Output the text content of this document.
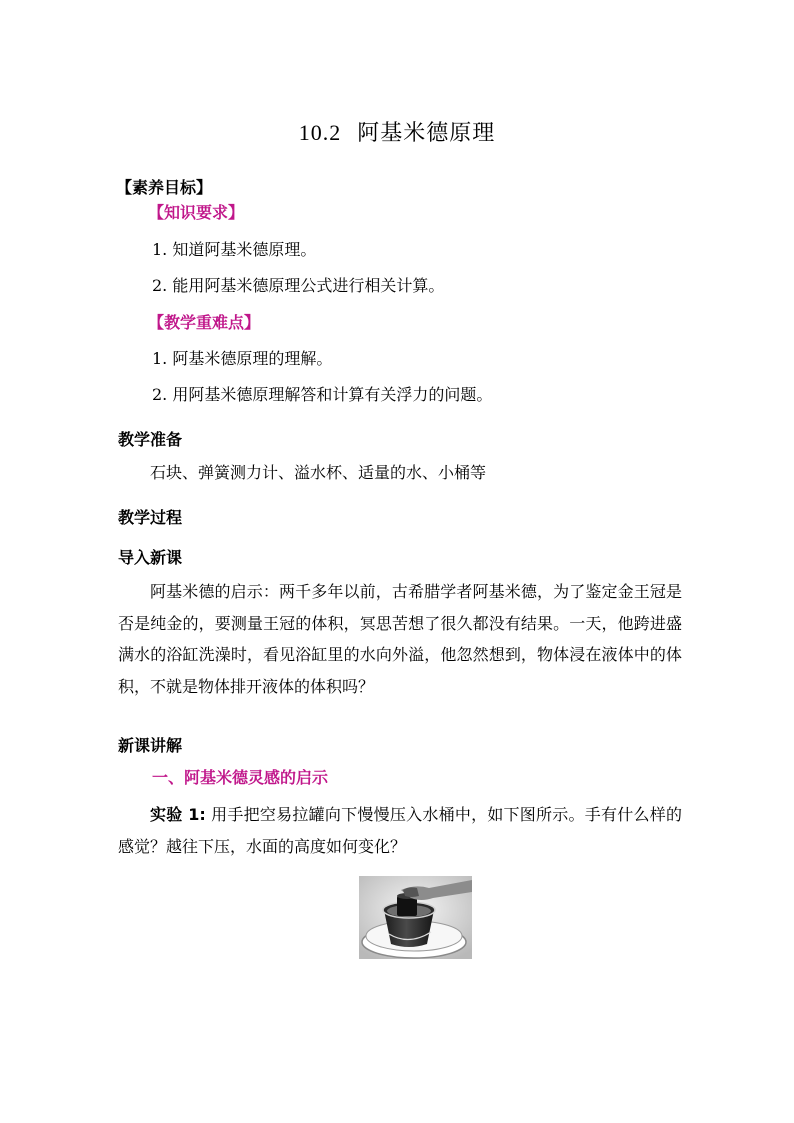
10.2 阿基米德原理
【素养目标】
【知识要求】
1. 知道阿基米德原理。
2. 能用阿基米德原理公式进行相关计算。
【教学重难点】
1. 阿基米德原理的理解。
2. 用阿基米德原理解答和计算有关浮力的问题。
教学准备
石块、弹簧测力计、溢水杯、适量的水、小桶等
教学过程
导入新课
阿基米德的启示：两千多年以前，古希腊学者阿基米德，为了鉴定金王冠是否是纯金的，要测量王冠的体积，冥思苦想了很久都没有结果。一天，他跨进盛满水的浴缸洗澡时，看见浴缸里的水向外溢，他忽然想到，物体浸在液体中的体积，不就是物体排开液体的体积吗？
新课讲解
一、阿基米德灵感的启示
实验 1: 用手把空易拉罐向下慢慢压入水桶中，如下图所示。手有什么样的感觉？越往下压，水面的高度如何变化？
